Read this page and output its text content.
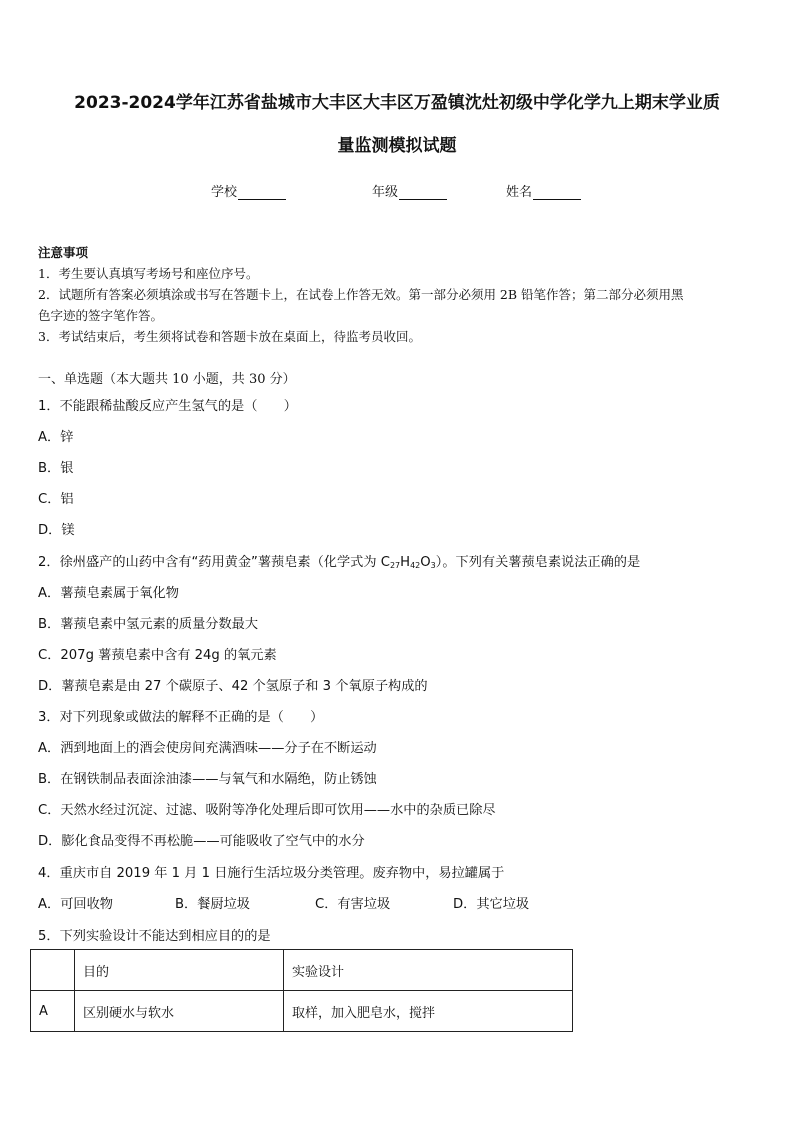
2023-2024学年江苏省盐城市大丰区大丰区万盈镇沈灶初级中学化学九上期末学业质
量监测模拟试题
学校	年级	姓名
注意事项
1．考生要认真填写考场号和座位序号。
2．试题所有答案必须填涂或书写在答题卡上，在试卷上作答无效。第一部分必须用 2B 铅笔作答；第二部分必须用黑
色字迹的签字笔作答。
3．考试结束后，考生须将试卷和答题卡放在桌面上，待监考员收回。
一、单选题（本大题共 10 小题，共 30 分）
1．不能跟稀盐酸反应产生氢气的是（　　）
A．锌
B．银
C．铝
D．镁
2．徐州盛产的山药中含有“药用黄金”薯蓣皂素（化学式为 $C_{27}H_{42}O_3$）。下列有关薯蓣皂素说法正确的是
A．薯蓣皂素属于氧化物
B．薯蓣皂素中氢元素的质量分数最大
C．207g 薯蓣皂素中含有 24g 的氧元素
D．薯蓣皂素是由 27 个碳原子、42 个氢原子和 3 个氧原子构成的
3．对下列现象或做法的解释不正确的是（　　）
A．洒到地面上的酒会使房间充满酒味——分子在不断运动
B．在钢铁制品表面涂油漆——与氧气和水隔绝，防止锈蚀
C．天然水经过沉淀、过滤、吸附等净化处理后即可饮用——水中的杂质已除尽
D．膨化食品变得不再松脆——可能吸收了空气中的水分
4．重庆市自 2019 年 1 月 1 日施行生活垃圾分类管理。废弃物中，易拉罐属于
A．可回收物	B．餐厨垃圾	C．有害垃圾	D．其它垃圾
5．下列实验设计不能达到相应目的的是
	目的	实验设计
A	区别硬水与软水	取样，加入肥皂水，搅拌
